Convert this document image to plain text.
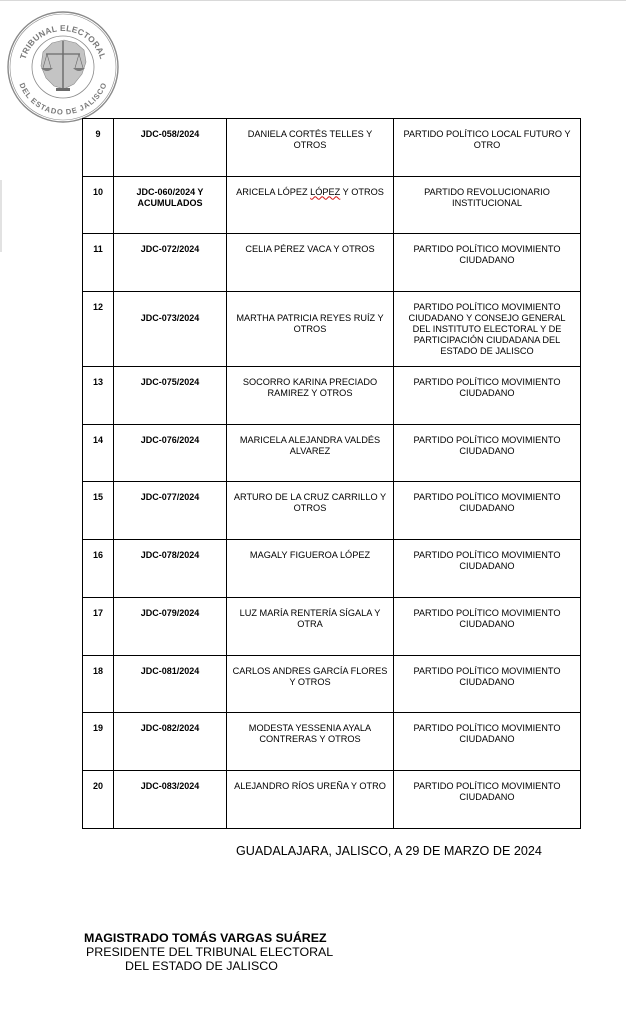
TRIBUNAL ELECTORAL
DEL ESTADO DE JALISCO
9	JDC-058/2024	DANIELA CORTÉS TELLES Y OTROS	PARTIDO POLÍTICO LOCAL FUTURO Y OTRO

10	JDC-060/2024 Y ACUMULADOS	ARICELA LÓPEZ LÓPEZ Y OTROS	PARTIDO REVOLUCIONARIO INSTITUCIONAL

11	JDC-072/2024	CELIA PÉREZ VACA Y OTROS	PARTIDO POLÍTICO MOVIMIENTO CIUDADANO

12	JDC-073/2024	MARTHA PATRICIA REYES RUÍZ Y OTROS	PARTIDO POLÍTICO MOVIMIENTO CIUDADANO Y CONSEJO GENERAL DEL INSTITUTO ELECTORAL Y DE PARTICIPACIÓN CIUDADANA DEL ESTADO DE JALISCO

13	JDC-075/2024	SOCORRO KARINA PRECIADO RAMIREZ Y OTROS	PARTIDO POLÍTICO MOVIMIENTO CIUDADANO

14	JDC-076/2024	MARICELA ALEJANDRA VALDÉS ALVAREZ	PARTIDO POLÍTICO MOVIMIENTO CIUDADANO

15	JDC-077/2024	ARTURO DE LA CRUZ CARRILLO Y OTROS	PARTIDO POLÍTICO MOVIMIENTO CIUDADANO

16	JDC-078/2024	MAGALY FIGUEROA LÓPEZ	PARTIDO POLÍTICO MOVIMIENTO CIUDADANO

17	JDC-079/2024	LUZ MARÍA RENTERÍA SÍGALA Y OTRA	PARTIDO POLÍTICO MOVIMIENTO CIUDADANO

18	JDC-081/2024	CARLOS ANDRES GARCÍA FLORES Y OTROS	PARTIDO POLÍTICO MOVIMIENTO CIUDADANO

19	JDC-082/2024	MODESTA YESSENIA AYALA CONTRERAS Y OTROS	PARTIDO POLÍTICO MOVIMIENTO CIUDADANO

20	JDC-083/2024	ALEJANDRO RÍOS UREÑA Y OTRO	PARTIDO POLÍTICO MOVIMIENTO CIUDADANO
GUADALAJARA, JALISCO, A 29 DE MARZO DE 2024
MAGISTRADO TOMÁS VARGAS SUÁREZ
PRESIDENTE DEL TRIBUNAL ELECTORAL
DEL ESTADO DE JALISCO
